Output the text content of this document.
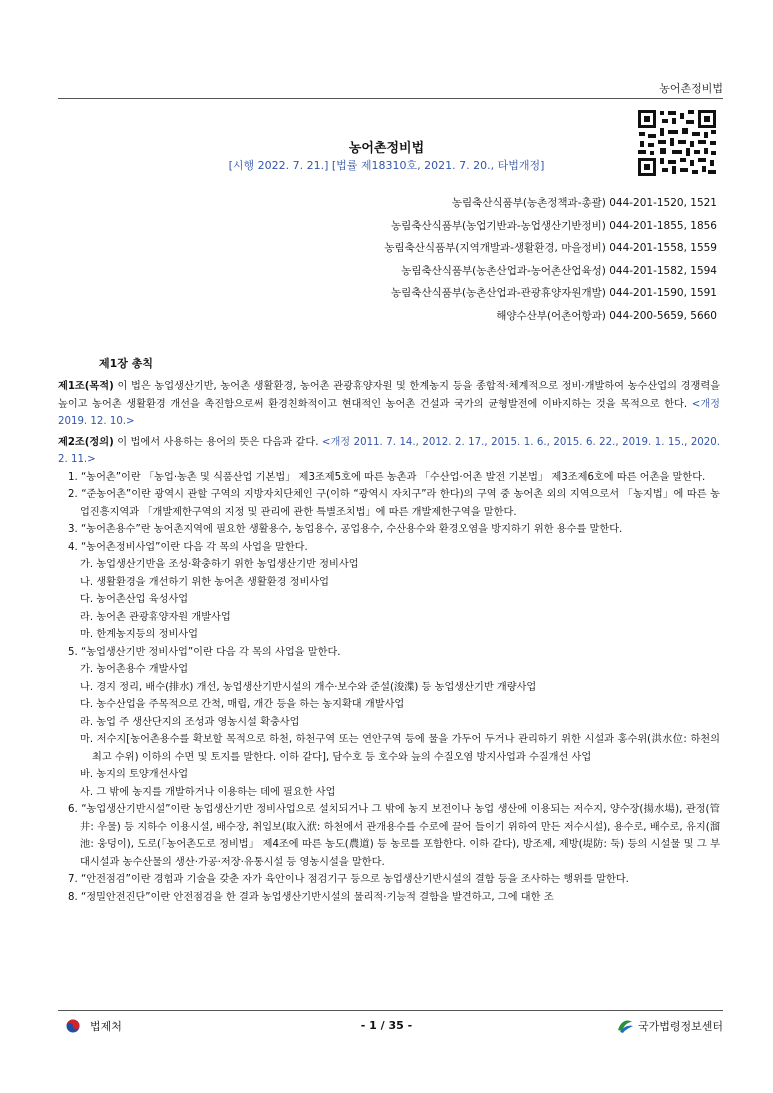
농어촌정비법
농어촌정비법
[시행 2022. 7. 21.] [법률 제18310호, 2021. 7. 20., 타법개정]
농림축산식품부(농촌정책과-총괄) 044-201-1520, 1521
농림축산식품부(농업기반과-농업생산기반정비) 044-201-1855, 1856
농림축산식품부(지역개발과-생활환경, 마을정비) 044-201-1558, 1559
농림축산식품부(농촌산업과-농어촌산업육성) 044-201-1582, 1594
농림축산식품부(농촌산업과-관광휴양자원개발) 044-201-1590, 1591
해양수산부(어촌어항과) 044-200-5659, 5660
제1장 총칙

제1조(목적) 이 법은 농업생산기반, 농어촌 생활환경, 농어촌 관광휴양자원 및 한계농지 등을 종합적·체계적으로 정비·개발하여 농수산업의 경쟁력을 높이고 농어촌 생활환경 개선을 촉진함으로써 환경친화적이고 현대적인 농어촌 건설과 국가의 균형발전에 이바지하는 것을 목적으로 한다. <개정 2019. 12. 10.>

제2조(정의) 이 법에서 사용하는 용어의 뜻은 다음과 같다. <개정 2011. 7. 14., 2012. 2. 17., 2015. 1. 6., 2015. 6. 22., 2019. 1. 15., 2020. 2. 11.>

1. “농어촌”이란 「농업·농촌 및 식품산업 기본법」 제3조제5호에 따른 농촌과 「수산업·어촌 발전 기본법」 제3조제6호에 따른 어촌을 말한다.

2. “준농어촌”이란 광역시 관할 구역의 지방자치단체인 구(이하 “광역시 자치구”라 한다)의 구역 중 농어촌 외의 지역으로서 「농지법」에 따른 농업진흥지역과 「개발제한구역의 지정 및 관리에 관한 특별조치법」에 따른 개발제한구역을 말한다.

3. “농어촌용수”란 농어촌지역에 필요한 생활용수, 농업용수, 공업용수, 수산용수와 환경오염을 방지하기 위한 용수를 말한다.

4. “농어촌정비사업”이란 다음 각 목의 사업을 말한다.

가. 농업생산기반을 조성·확충하기 위한 농업생산기반 정비사업

나. 생활환경을 개선하기 위한 농어촌 생활환경 정비사업

다. 농어촌산업 육성사업

라. 농어촌 관광휴양자원 개발사업

마. 한계농지등의 정비사업

5. “농업생산기반 정비사업”이란 다음 각 목의 사업을 말한다.

가. 농어촌용수 개발사업

나. 경지 정리, 배수(排水) 개선, 농업생산기반시설의 개수·보수와 준설(浚渫) 등 농업생산기반 개량사업

다. 농수산업을 주목적으로 간척, 매립, 개간 등을 하는 농지확대 개발사업

라. 농업 주 생산단지의 조성과 영농시설 확충사업

마. 저수지[농어촌용수를 확보할 목적으로 하천, 하천구역 또는 연안구역 등에 물을 가두어 두거나 관리하기 위한 시설과 홍수위(洪水位: 하천의 최고 수위) 이하의 수면 및 토지를 말한다. 이하 같다], 담수호 등 호수와 늪의 수질오염 방지사업과 수질개선 사업

바. 농지의 토양개선사업

사. 그 밖에 농지를 개발하거나 이용하는 데에 필요한 사업

6. “농업생산기반시설”이란 농업생산기반 정비사업으로 설치되거나 그 밖에 농지 보전이나 농업 생산에 이용되는 저수지, 양수장(揚水場), 관정(管井: 우물) 등 지하수 이용시설, 배수장, 취입보(取入洑: 하천에서 관개용수를 수로에 끌어 들이기 위하여 만든 저수시설), 용수로, 배수로, 유지(溜池: 웅덩이), 도로(「농어촌도로 정비법」 제4조에 따른 농도(農道) 등 농로를 포함한다. 이하 같다), 방조제, 제방(堤防: 둑) 등의 시설물 및 그 부대시설과 농수산물의 생산·가공·저장·유통시설 등 영농시설을 말한다.

7. “안전점검”이란 경험과 기술을 갖춘 자가 육안이나 점검기구 등으로 농업생산기반시설의 결함 등을 조사하는 행위를 말한다.

8. “정밀안전진단”이란 안전점검을 한 결과 농업생산기반시설의 물리적·기능적 결함을 발견하고, 그에 대한 조

법제처	- 1 / 35 -	국가법령정보센터
